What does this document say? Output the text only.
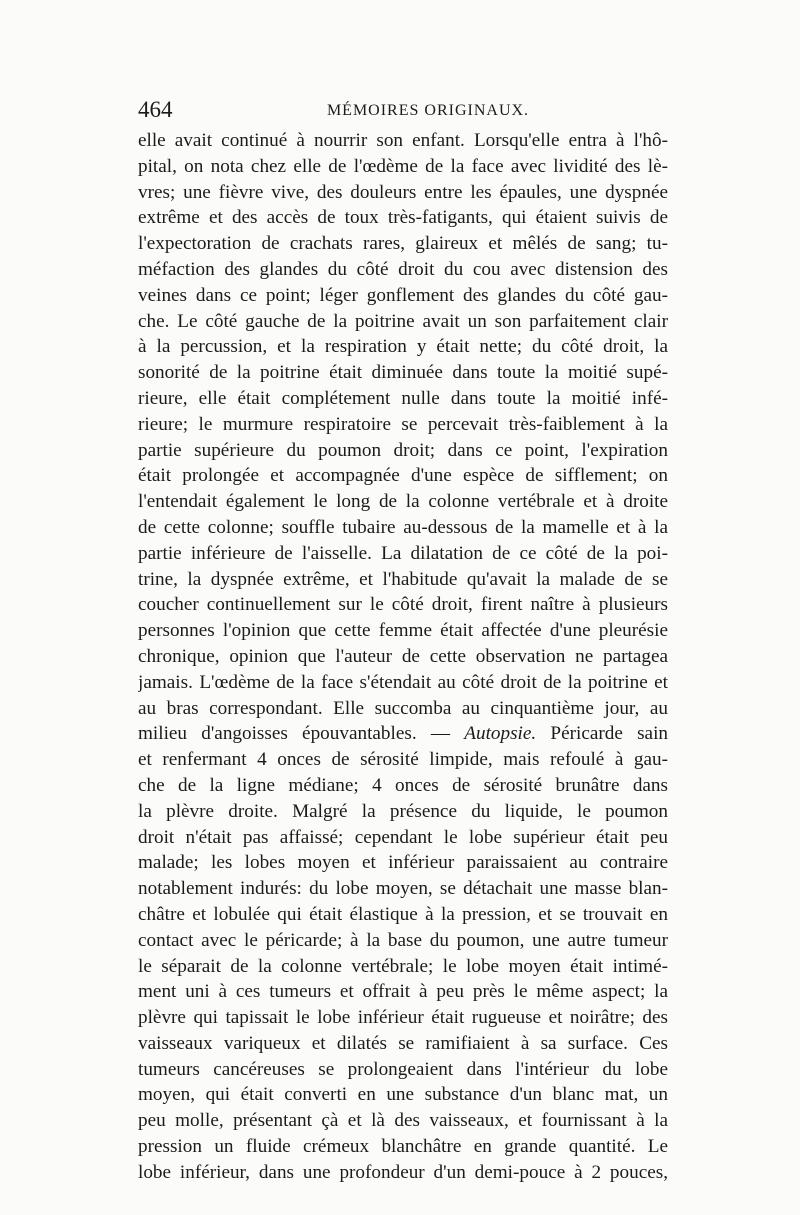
464	MÉMOIRES ORIGINAUX.
elle avait continué à nourrir son enfant. Lorsqu'elle entra à l'hô-
pital, on nota chez elle de l'œdème de la face avec lividité des lè-
vres; une fièvre vive, des douleurs entre les épaules, une dyspnée
extrême et des accès de toux très-fatigants, qui étaient suivis de
l'expectoration de crachats rares, glaireux et mêlés de sang; tu-
méfaction des glandes du côté droit du cou avec distension des
veines dans ce point; léger gonflement des glandes du côté gau-
che. Le côté gauche de la poitrine avait un son parfaitement clair
à la percussion, et la respiration y était nette; du côté droit, la
sonorité de la poitrine était diminuée dans toute la moitié supé-
rieure, elle était complétement nulle dans toute la moitié infé-
rieure; le murmure respiratoire se percevait très-faiblement à la
partie supérieure du poumon droit; dans ce point, l'expiration
était prolongée et accompagnée d'une espèce de sifflement; on
l'entendait également le long de la colonne vertébrale et à droite
de cette colonne; souffle tubaire au-dessous de la mamelle et à la
partie inférieure de l'aisselle. La dilatation de ce côté de la poi-
trine, la dyspnée extrême, et l'habitude qu'avait la malade de se
coucher continuellement sur le côté droit, firent naître à plusieurs
personnes l'opinion que cette femme était affectée d'une pleurésie
chronique, opinion que l'auteur de cette observation ne partagea
jamais. L'œdème de la face s'étendait au côté droit de la poitrine et
au bras correspondant. Elle succomba au cinquantième jour, au
milieu d'angoisses épouvantables. — Autopsie. Péricarde sain
et renfermant 4 onces de sérosité limpide, mais refoulé à gau-
che de la ligne médiane; 4 onces de sérosité brunâtre dans
la plèvre droite. Malgré la présence du liquide, le poumon
droit n'était pas affaissé; cependant le lobe supérieur était peu
malade; les lobes moyen et inférieur paraissaient au contraire
notablement indurés: du lobe moyen, se détachait une masse blan-
châtre et lobulée qui était élastique à la pression, et se trouvait en
contact avec le péricarde; à la base du poumon, une autre tumeur
le séparait de la colonne vertébrale; le lobe moyen était intimé-
ment uni à ces tumeurs et offrait à peu près le même aspect; la
plèvre qui tapissait le lobe inférieur était rugueuse et noirâtre; des
vaisseaux variqueux et dilatés se ramifiaient à sa surface. Ces
tumeurs cancéreuses se prolongeaient dans l'intérieur du lobe
moyen, qui était converti en une substance d'un blanc mat, un
peu molle, présentant çà et là des vaisseaux, et fournissant à la
pression un fluide crémeux blanchâtre en grande quantité. Le
lobe inférieur, dans une profondeur d'un demi-pouce à 2 pouces,
